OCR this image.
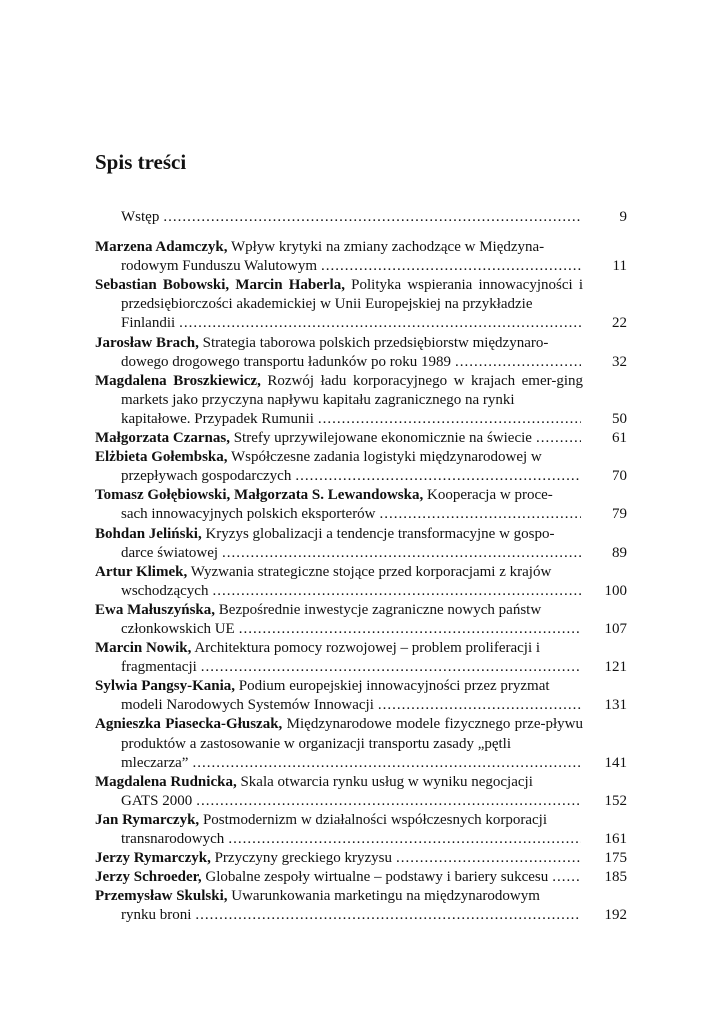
Spis treści
Wstęp .....	9
Marzena Adamczyk, Wpływ krytyki na zmiany zachodzące w Międzyna-
rodowym Funduszu Walutowym .....	11
Sebastian Bobowski, Marcin Haberla, Polityka wspierania innowacyjności i przedsiębiorczości akademickiej w Unii Europejskiej na przykładzie
Finlandii .....	22
Jarosław Brach, Strategia taborowa polskich przedsiębiorstw międzynaro-
dowego drogowego transportu ładunków po roku 1989 .....	32
Magdalena Broszkiewicz, Rozwój ładu korporacyjnego w krajach emer-ging markets jako przyczyna napływu kapitału zagranicznego na rynki
kapitałowe. Przypadek Rumunii .....	50
Małgorzata Czarnas, Strefy uprzywilejowane ekonomicznie na świecie .....	61
Elżbieta Gołembska, Współczesne zadania logistyki międzynarodowej w
przepływach gospodarczych .....	70
Tomasz Gołębiowski, Małgorzata S. Lewandowska, Kooperacja w proce-
sach innowacyjnych polskich eksporterów .....	79
Bohdan Jeliński, Kryzys globalizacji a tendencje transformacyjne w gospo-
darce światowej .....	89
Artur Klimek, Wyzwania strategiczne stojące przed korporacjami z krajów
wschodzących .....	100
Ewa Małuszyńska, Bezpośrednie inwestycje zagraniczne nowych państw
członkowskich UE .....	107
Marcin Nowik, Architektura pomocy rozwojowej – problem proliferacji i
fragmentacji .....	121
Sylwia Pangsy-Kania, Podium europejskiej innowacyjności przez pryzmat
modeli Narodowych Systemów Innowacji .....	131
Agnieszka Piasecka-Głuszak, Międzynarodowe modele fizycznego prze-pływu produktów a zastosowanie w organizacji transportu zasady „pętli
mleczarza” .....	141
Magdalena Rudnicka, Skala otwarcia rynku usług w wyniku negocjacji
GATS 2000 .....	152
Jan Rymarczyk, Postmodernizm w działalności współczesnych korporacji
transnarodowych .....	161
Jerzy Rymarczyk, Przyczyny greckiego kryzysu .....	175
Jerzy Schroeder, Globalne zespoły wirtualne – podstawy i bariery sukcesu .....	185
Przemysław Skulski, Uwarunkowania marketingu na międzynarodowym
rynku broni .....	192
